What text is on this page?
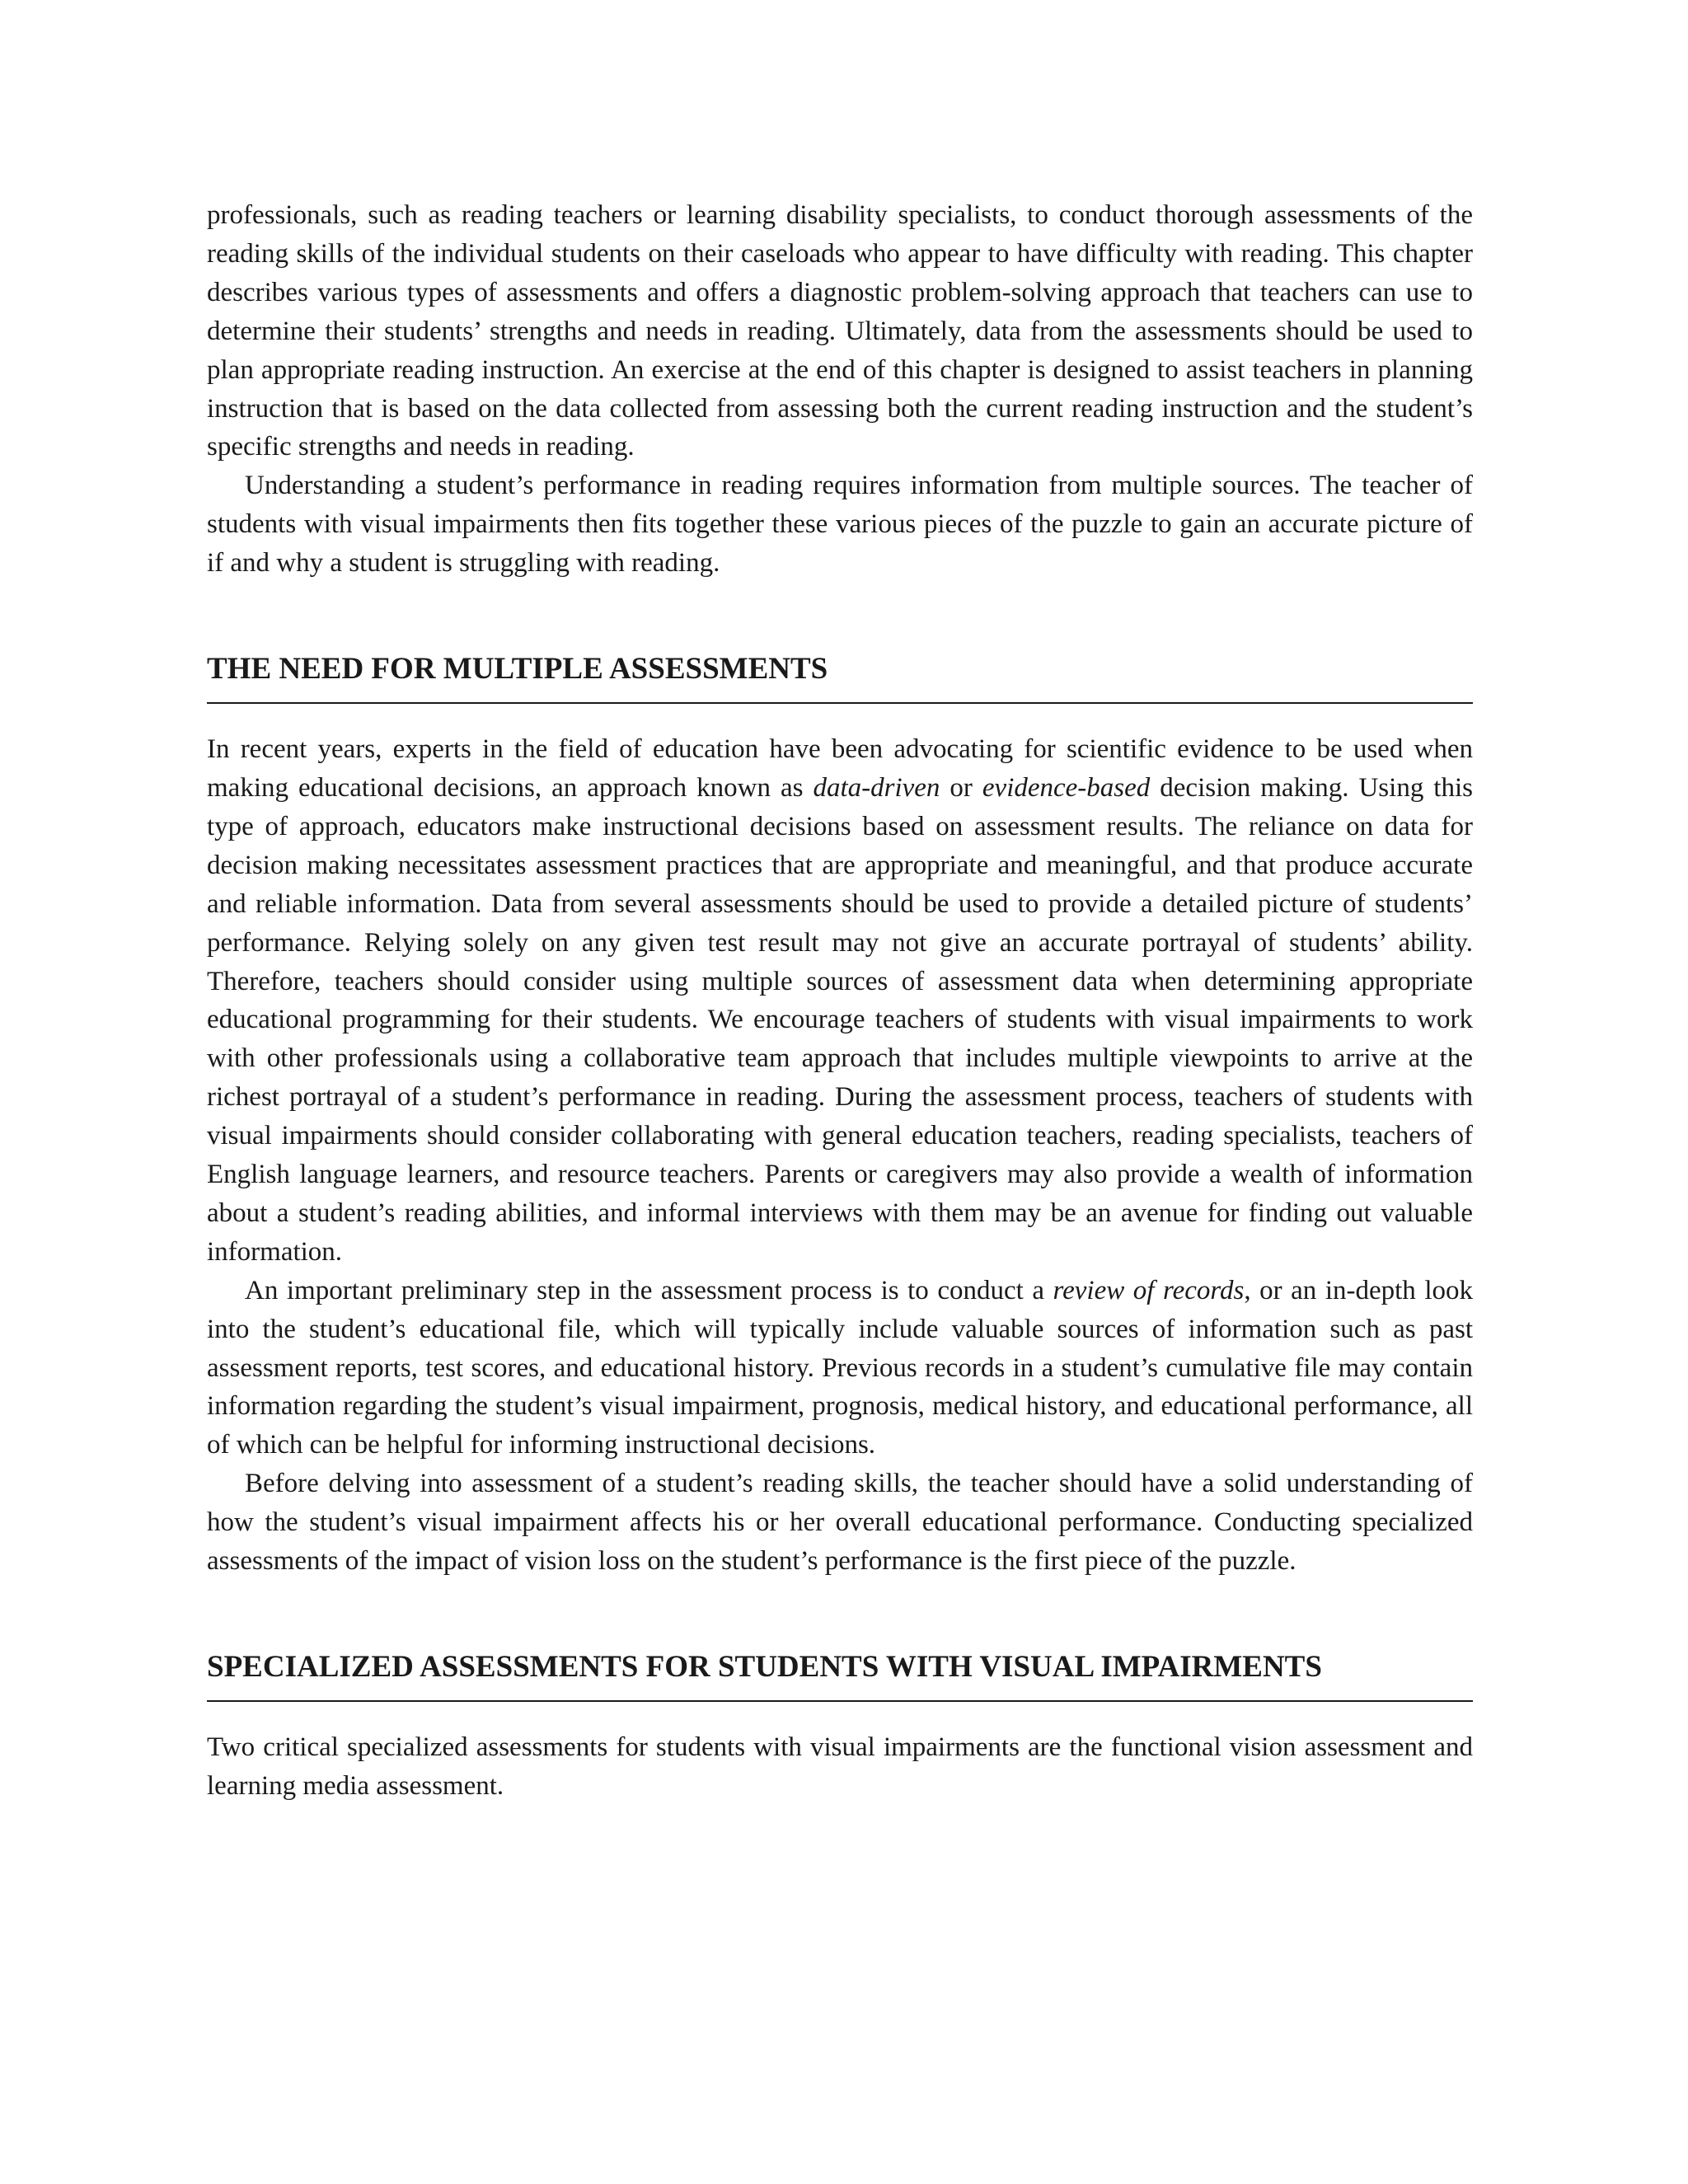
professionals, such as reading teachers or learning disability specialists, to conduct thorough assessments of the reading skills of the individual students on their caseloads who appear to have difficulty with reading. This chapter describes various types of assessments and offers a diagnostic problem-solving approach that teachers can use to determine their students’ strengths and needs in reading. Ultimately, data from the assessments should be used to plan appropriate reading instruction. An exercise at the end of this chapter is designed to assist teachers in planning instruction that is based on the data collected from assessing both the current reading instruction and the student’s specific strengths and needs in reading.

Understanding a student’s performance in reading requires information from multiple sources. The teacher of students with visual impairments then fits together these various pieces of the puzzle to gain an accurate picture of if and why a student is struggling with reading.

THE NEED FOR MULTIPLE ASSESSMENTS

In recent years, experts in the field of education have been advocating for scientific evidence to be used when making educational decisions, an approach known as data-driven or evidence-based decision making. Using this type of approach, educators make instructional decisions based on assessment results. The reliance on data for decision making necessitates assessment practices that are appropriate and meaningful, and that produce accurate and reliable information. Data from several assessments should be used to provide a detailed picture of students’ performance. Relying solely on any given test result may not give an accurate portrayal of students’ ability. Therefore, teachers should consider using multiple sources of assessment data when determining appropriate educational programming for their students. We encourage teachers of students with visual impairments to work with other professionals using a collaborative team approach that includes multiple viewpoints to arrive at the richest portrayal of a student’s performance in reading. During the assessment process, teachers of students with visual impairments should consider collaborating with general education teachers, reading specialists, teachers of English language learners, and resource teachers. Parents or caregivers may also provide a wealth of information about a student’s reading abilities, and informal interviews with them may be an avenue for finding out valuable information.

An important preliminary step in the assessment process is to conduct a review of records, or an in-depth look into the student’s educational file, which will typically include valuable sources of information such as past assessment reports, test scores, and educational history. Previous records in a student’s cumulative file may contain information regarding the student’s visual impairment, prognosis, medical history, and educational performance, all of which can be helpful for informing instructional decisions.

Before delving into assessment of a student’s reading skills, the teacher should have a solid understanding of how the student’s visual impairment affects his or her overall educational performance. Conducting specialized assessments of the impact of vision loss on the student’s performance is the first piece of the puzzle.

SPECIALIZED ASSESSMENTS FOR STUDENTS WITH VISUAL IMPAIRMENTS

Two critical specialized assessments for students with visual impairments are the functional vision assessment and learning media assessment.
